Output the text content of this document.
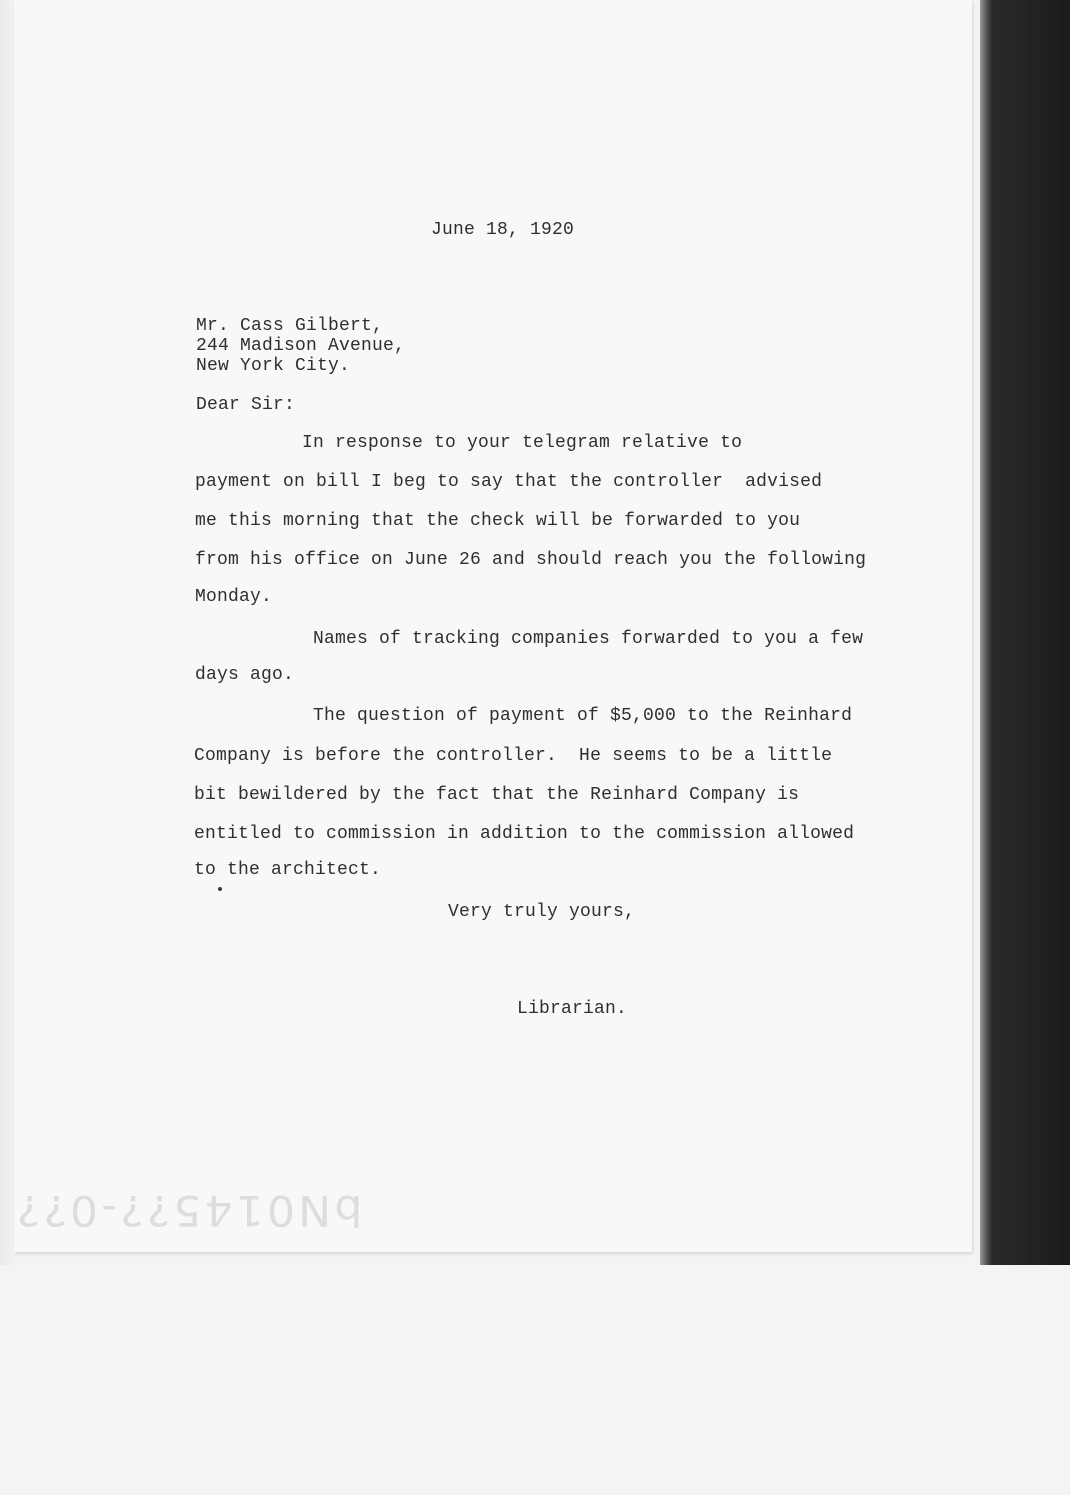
June 18, 1920
Mr. Cass Gilbert,
244 Madison Avenue,
New York City.
Dear Sir:
In response to your telegram relative to
payment on bill I beg to say that the controller  advised
me this morning that the check will be forwarded to you
from his office on June 26 and should reach you the following
Monday.
Names of tracking companies forwarded to you a few
days ago.
The question of payment of $5,000 to the Reinhard
Company is before the controller.  He seems to be a little
bit bewildered by the fact that the Reinhard Company is
entitled to commission in addition to the commission allowed
to the architect.
Very truly yours,
Librarian.
bN0145??-0??
